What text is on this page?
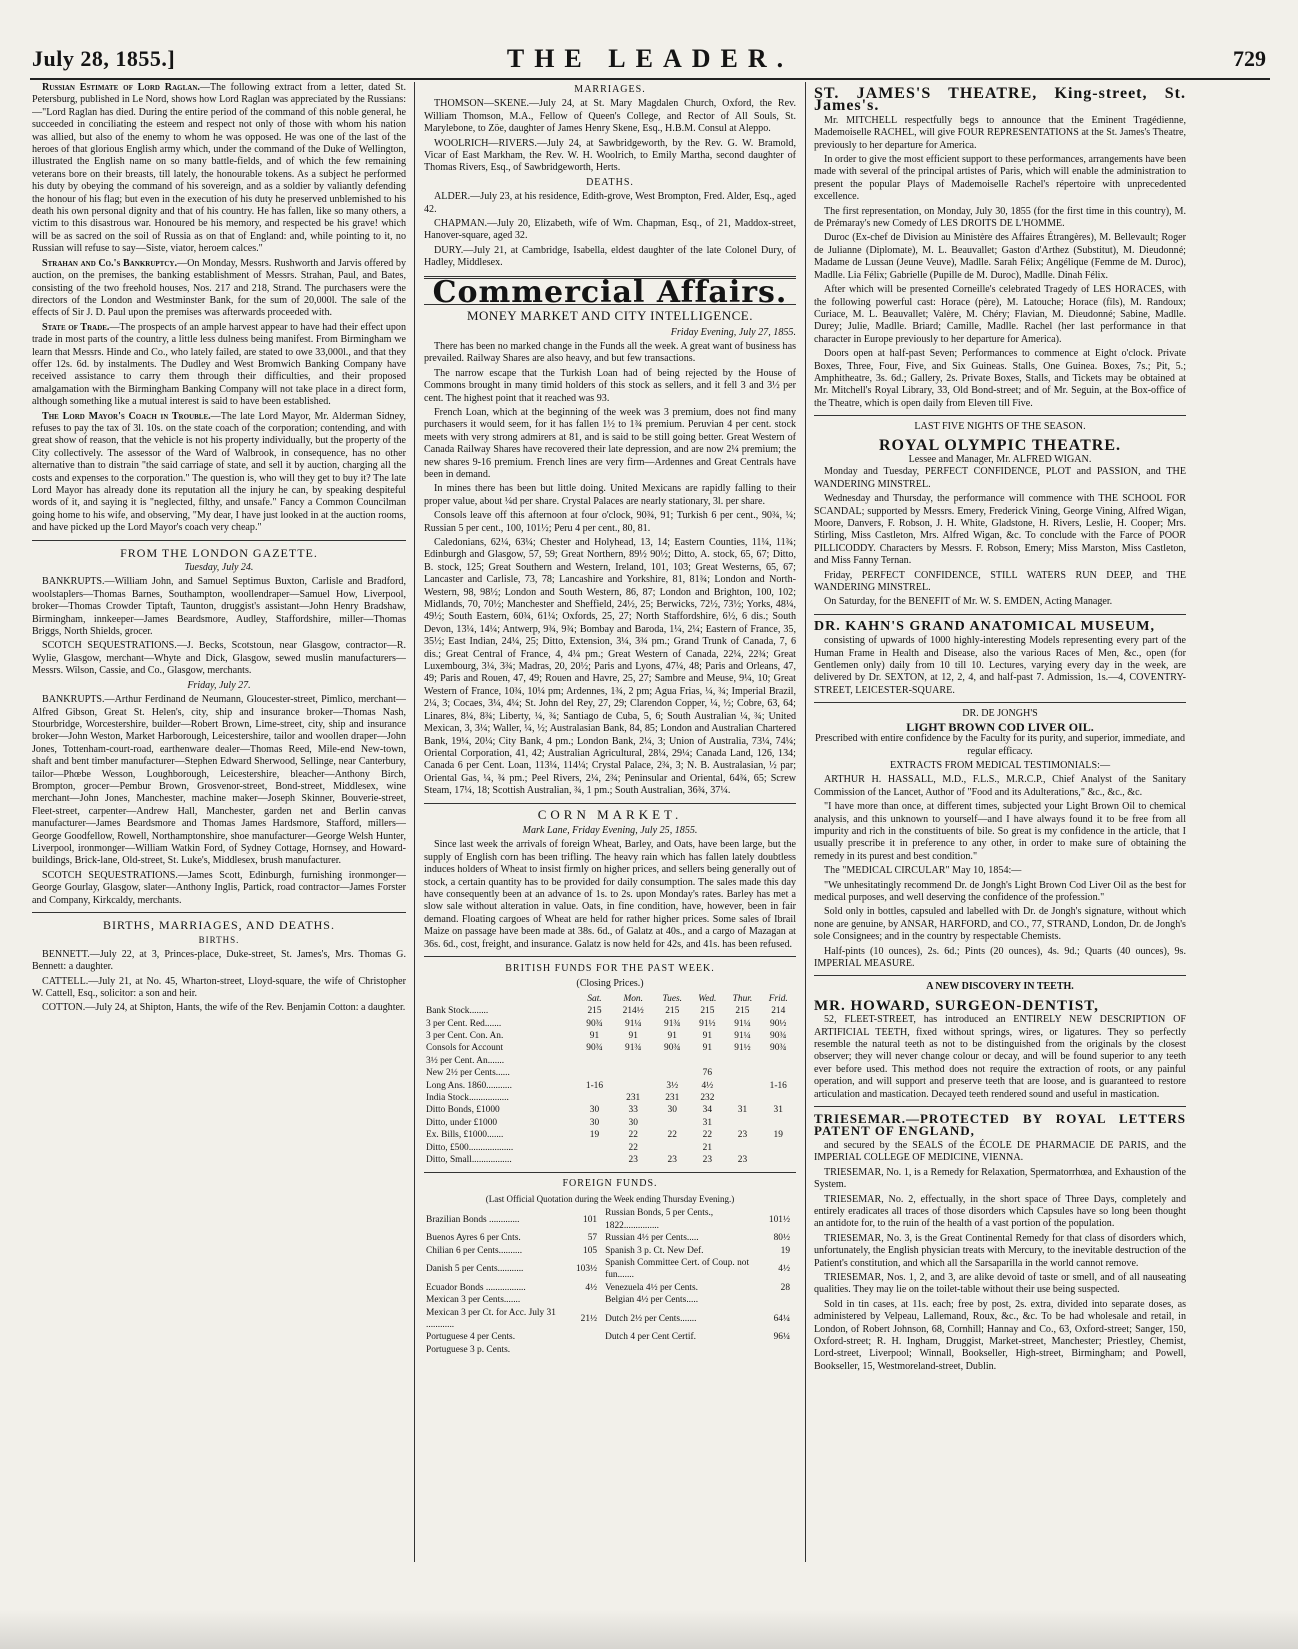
July 28, 1855.]	THE LEADER.	729

Russian Estimate of Lord Raglan.—The following extract from a letter, dated St. Petersburg, published in Le Nord, shows how Lord Raglan was appreciated by the Russians:—"Lord Raglan has died. During the entire period of the command of this noble general, he succeeded in conciliating the esteem and respect not only of those with whom his nation was allied, but also of the enemy to whom he was opposed. He was one of the last of the heroes of that glorious English army which, under the command of the Duke of Wellington, illustrated the English name on so many battle-fields, and of which the few remaining veterans bore on their breasts, till lately, the honourable tokens. As a subject he performed his duty by obeying the command of his sovereign, and as a soldier by valiantly defending the honour of his flag; but even in the execution of his duty he preserved unblemished to his death his own personal dignity and that of his country. He has fallen, like so many others, a victim to this disastrous war. Honoured be his memory, and respected be his grave! which will be as sacred on the soil of Russia as on that of England: and, while pointing to it, no Russian will refuse to say—Siste, viator, heroem calces."

Strahan and Co.'s Bankruptcy.—On Monday, Messrs. Rushworth and Jarvis offered by auction, on the premises, the banking establishment of Messrs. Strahan, Paul, and Bates, consisting of the two freehold houses, Nos. 217 and 218, Strand. The purchasers were the directors of the London and Westminster Bank, for the sum of 20,000l. The sale of the effects of Sir J. D. Paul upon the premises was afterwards proceeded with.

State of Trade.—The prospects of an ample harvest appear to have had their effect upon trade in most parts of the country, a little less dulness being manifest. From Birmingham we learn that Messrs. Hinde and Co., who lately failed, are stated to owe 33,000l., and that they offer 12s. 6d. by instalments. The Dudley and West Bromwich Banking Company have received assistance to carry them through their difficulties, and their proposed amalgamation with the Birmingham Banking Company will not take place in a direct form, although something like a mutual interest is said to have been established.

The Lord Mayor's Coach in Trouble.—The late Lord Mayor, Mr. Alderman Sidney, refuses to pay the tax of 3l. 10s. on the state coach of the corporation; contending, and with great show of reason, that the vehicle is not his property individually, but the property of the City collectively. The assessor of the Ward of Walbrook, in consequence, has no other alternative than to distrain "the said carriage of state, and sell it by auction, charging all the costs and expenses to the corporation." The question is, who will they get to buy it? The late Lord Mayor has already done its reputation all the injury he can, by speaking despiteful words of it, and saying it is "neglected, filthy, and unsafe." Fancy a Common Councilman going home to his wife, and observing, "My dear, I have just looked in at the auction rooms, and have picked up the Lord Mayor's coach very cheap."

FROM THE LONDON GAZETTE.
Tuesday, July 24.

BANKRUPTS.—William John, and Samuel Septimus Buxton, Carlisle and Bradford, woolstaplers—Thomas Barnes, Southampton, woollendraper—Samuel How, Liverpool, broker—Thomas Crowder Tiptaft, Taunton, druggist's assistant—John Henry Bradshaw, Birmingham, innkeeper—James Beardsmore, Audley, Staffordshire, miller—Thomas Briggs, North Shields, grocer.

SCOTCH SEQUESTRATIONS.—J. Becks, Scotstoun, near Glasgow, contractor—R. Wylie, Glasgow, merchant—Whyte and Dick, Glasgow, sewed muslin manufacturers—Messrs. Wilson, Cassie, and Co., Glasgow, merchants.

Friday, July 27.

BANKRUPTS.—Arthur Ferdinand de Neumann, Gloucester-street, Pimlico, merchant—Alfred Gibson, Great St. Helen's, city, ship and insurance broker—Thomas Nash, Stourbridge, Worcestershire, builder—Robert Brown, Lime-street, city, ship and insurance broker—John Weston, Market Harborough, Leicestershire, tailor and woollen draper—John Jones, Tottenham-court-road, earthenware dealer—Thomas Reed, Mile-end New-town, shaft and bent timber manufacturer—Stephen Edward Sherwood, Sellinge, near Canterbury, tailor—Phœbe Wesson, Loughborough, Leicestershire, bleacher—Anthony Birch, Brompton, grocer—Pembur Brown, Grosvenor-street, Bond-street, Middlesex, wine merchant—John Jones, Manchester, machine maker—Joseph Skinner, Bouverie-street, Fleet-street, carpenter—Andrew Hall, Manchester, garden net and Berlin canvas manufacturer—James Beardsmore and Thomas James Hardsmore, Stafford, millers—George Goodfellow, Rowell, Northamptonshire, shoe manufacturer—George Welsh Hunter, Liverpool, ironmonger—William Watkin Ford, of Sydney Cottage, Hornsey, and Howard-buildings, Brick-lane, Old-street, St. Luke's, Middlesex, brush manufacturer.

SCOTCH SEQUESTRATIONS.—James Scott, Edinburgh, furnishing ironmonger—George Gourlay, Glasgow, slater—Anthony Inglis, Partick, road contractor—James Forster and Company, Kirkcaldy, merchants.

BIRTHS, MARRIAGES, AND DEATHS.
BIRTHS.

BENNETT.—July 22, at 3, Princes-place, Duke-street, St. James's, Mrs. Thomas G. Bennett: a daughter.

CATTELL.—July 21, at No. 45, Wharton-street, Lloyd-square, the wife of Christopher W. Cattell, Esq., solicitor: a son and heir.

COTTON.—July 24, at Shipton, Hants, the wife of the Rev. Benjamin Cotton: a daughter.

MARRIAGES.

THOMSON—SKENE.—July 24, at St. Mary Magdalen Church, Oxford, the Rev. William Thomson, M.A., Fellow of Queen's College, and Rector of All Souls, St. Marylebone, to Zöe, daughter of James Henry Skene, Esq., H.B.M. Consul at Aleppo.

WOOLRICH—RIVERS.—July 24, at Sawbridgeworth, by the Rev. G. W. Bramold, Vicar of East Markham, the Rev. W. H. Woolrich, to Emily Martha, second daughter of Thomas Rivers, Esq., of Sawbridgeworth, Herts.

DEATHS.

ALDER.—July 23, at his residence, Edith-grove, West Brompton, Fred. Alder, Esq., aged 42.

CHAPMAN.—July 20, Elizabeth, wife of Wm. Chapman, Esq., of 21, Maddox-street, Hanover-square, aged 32.

DURY.—July 21, at Cambridge, Isabella, eldest daughter of the late Colonel Dury, of Hadley, Middlesex.

Commercial Affairs.
MONEY MARKET AND CITY INTELLIGENCE.
Friday Evening, July 27, 1855.

There has been no marked change in the Funds all the week. A great want of business has prevailed. Railway Shares are also heavy, and but few transactions.

The narrow escape that the Turkish Loan had of being rejected by the House of Commons brought in many timid holders of this stock as sellers, and it fell 3 and 3½ per cent. The highest point that it reached was 93.

French Loan, which at the beginning of the week was 3 premium, does not find many purchasers it would seem, for it has fallen 1½ to 1¾ premium. Peruvian 4 per cent. stock meets with very strong admirers at 81, and is said to be still going better. Great Western of Canada Railway Shares have recovered their late depression, and are now 2¼ premium; the new shares 9-16 premium. French lines are very firm—Ardennes and Great Centrals have been in demand.

In mines there has been but little doing. United Mexicans are rapidly falling to their proper value, about ¼d per share. Crystal Palaces are nearly stationary, 3l. per share.

Consols leave off this afternoon at four o'clock, 90¾, 91; Turkish 6 per cent., 90¾, ¼; Russian 5 per cent., 100, 101½; Peru 4 per cent., 80, 81.

Caledonians, 62¼, 63¼; Chester and Holyhead, 13, 14; Eastern Counties, 11¼, 11¾; Edinburgh and Glasgow, 57, 59; Great Northern, 89½ 90½; Ditto, A. stock, 65, 67; Ditto, B. stock, 125; Great Southern and Western, Ireland, 101, 103; Great Westerns, 65, 67; Lancaster and Carlisle, 73, 78; Lancashire and Yorkshire, 81, 81¾; London and North-Western, 98, 98½; London and South Western, 86, 87; London and Brighton, 100, 102; Midlands, 70, 70½; Manchester and Sheffield, 24½, 25; Berwicks, 72½, 73½; Yorks, 48¼, 49½; South Eastern, 60¾, 61¼; Oxfords, 25, 27; North Staffordshire, 6½, 6 dis.; South Devon, 13¼, 14¼; Antwerp, 9¾, 9¾; Bombay and Baroda, 1¼, 2¼; Eastern of France, 35, 35½; East Indian, 24¼, 25; Ditto, Extension, 3¼, 3¾ pm.; Grand Trunk of Canada, 7, 6 dis.; Great Central of France, 4, 4¼ pm.; Great Western of Canada, 22¼, 22¾; Great Luxembourg, 3¼, 3¾; Madras, 20, 20½; Paris and Lyons, 47¼, 48; Paris and Orleans, 47, 49; Paris and Rouen, 47, 49; Rouen and Havre, 25, 27; Sambre and Meuse, 9¼, 10; Great Western of France, 10¾, 10¼ pm; Ardennes, 1¾, 2 pm; Agua Frias, ¼, ¾; Imperial Brazil, 2¼, 3; Cocaes, 3¼, 4¼; St. John del Rey, 27, 29; Clarendon Copper, ¼, ½; Cobre, 63, 64; Linares, 8¼, 8¾; Liberty, ¼, ¾; Santiago de Cuba, 5, 6; South Australian ¼, ¾; United Mexican, 3, 3¼; Waller, ¼, ½; Australasian Bank, 84, 85; London and Australian Chartered Bank, 19¼, 20¼; City Bank, 4 pm.; London Bank, 2¼, 3; Union of Australia, 73¼, 74¼; Oriental Corporation, 41, 42; Australian Agricultural, 28¼, 29¼; Canada Land, 126, 134; Canada 6 per Cent. Loan, 113¼, 114¼; Crystal Palace, 2¾, 3; N. B. Australasian, ½ par; Oriental Gas, ¼, ¾ pm.; Peel Rivers, 2¼, 2¾; Peninsular and Oriental, 64¾, 65; Screw Steam, 17¼, 18; Scottish Australian, ¾, 1 pm.; South Australian, 36¾, 37¼.

CORN MARKET.
Mark Lane, Friday Evening, July 25, 1855.

Since last week the arrivals of foreign Wheat, Barley, and Oats, have been large, but the supply of English corn has been trifling. The heavy rain which has fallen lately doubtless induces holders of Wheat to insist firmly on higher prices, and sellers being generally out of stock, a certain quantity has to be provided for daily consumption. The sales made this day have consequently been at an advance of 1s. to 2s. upon Monday's rates. Barley has met a slow sale without alteration in value. Oats, in fine condition, have, however, been in fair demand. Floating cargoes of Wheat are held for rather higher prices. Some sales of Ibrail Maize on passage have been made at 38s. 6d., of Galatz at 40s., and a cargo of Mazagan at 36s. 6d., cost, freight, and insurance. Galatz is now held for 42s, and 41s. has been refused.

BRITISH FUNDS FOR THE PAST WEEK.
(Closing Prices.)
	Sat.	Mon.	Tues.	Wed.	Thur.	Frid.
Bank Stock........	215	214½	215	215	215	214
3 per Cent. Red.......	90¾	91¼	91¾	91½	91¼	90½
3 per Cent. Con. An.	91	91	91	91	91¼	90¾
Consols for Account	90¾	91¾	90¾	91	91½	90¾
3½ per Cent. An.......						
New 2½ per Cents......				76		
Long Ans. 1860...........	1-16		3½	4½		1-16
India Stock.................		231	231	232		
Ditto Bonds, £1000	30	33	30	34	31	31
Ditto, under £1000	30	30		31		
Ex. Bills, £1000.......	19	22	22	22	23	19
Ditto, £500...................		22		21		
Ditto, Small.................		23	23	23	23	
FOREIGN FUNDS.
(Last Official Quotation during the Week ending Thursday Evening.)
Brazilian Bonds .............	101	Russian Bonds, 5 per Cents., 1822...............	101½
Buenos Ayres 6 per Cnts.	57	Russian 4½ per Cents.....	80½
Chilian 6 per Cents..........	105	Spanish 3 p. Ct. New Def.	19
Danish 5 per Cents...........	103½	Spanish Committee Cert. of Coup. not fun.......	4½
Ecuador Bonds .................	4½	Venezuela 4½ per Cents.	28
Mexican 3 per Cents.......		Belgian 4½ per Cents.....	
Mexican 3 per Ct. for Acc. July 31 ............	21½	Dutch 2½ per Cents.......	64¼
Portuguese 4 per Cents.		Dutch 4 per Cent Certif.	96¼
Portuguese 3 p. Cents.			
ST. JAMES'S THEATRE, King-street, St. James's.

Mr. MITCHELL respectfully begs to announce that the Eminent Tragédienne, Mademoiselle RACHEL, will give FOUR REPRESENTATIONS at the St. James's Theatre, previously to her departure for America.

In order to give the most efficient support to these performances, arrangements have been made with several of the principal artistes of Paris, which will enable the administration to present the popular Plays of Mademoiselle Rachel's répertoire with unprecedented excellence.

The first representation, on Monday, July 30, 1855 (for the first time in this country), M. de Prémaray's new Comedy of LES DROITS DE L'HOMME.

Duroc (Ex-chef de Division au Ministère des Affaires Étrangères), M. Bellevault; Roger de Julianne (Diplomate), M. L. Beauvallet; Gaston d'Arthez (Substitut), M. Dieudonné; Madame de Lussan (Jeune Veuve), Madlle. Sarah Félix; Angélique (Femme de M. Duroc), Madlle. Lia Félix; Gabrielle (Pupille de M. Duroc), Madlle. Dinah Félix.

After which will be presented Corneille's celebrated Tragedy of LES HORACES, with the following powerful cast: Horace (père), M. Latouche; Horace (fils), M. Randoux; Curiace, M. L. Beauvallet; Valère, M. Chéry; Flavian, M. Dieudonné; Sabine, Madlle. Durey; Julie, Madlle. Briard; Camille, Madlle. Rachel (her last performance in that character in Europe previously to her departure for America).

Doors open at half-past Seven; Performances to commence at Eight o'clock. Private Boxes, Three, Four, Five, and Six Guineas. Stalls, One Guinea. Boxes, 7s.; Pit, 5.; Amphitheatre, 3s. 6d.; Gallery, 2s. Private Boxes, Stalls, and Tickets may be obtained at Mr. Mitchell's Royal Library, 33, Old Bond-street; and of Mr. Seguin, at the Box-office of the Theatre, which is open daily from Eleven till Five.

LAST FIVE NIGHTS OF THE SEASON.
ROYAL OLYMPIC THEATRE.
Lessee and Manager, Mr. ALFRED WIGAN.

Monday and Tuesday, PERFECT CONFIDENCE, PLOT and PASSION, and THE WANDERING MINSTREL.

Wednesday and Thursday, the performance will commence with THE SCHOOL FOR SCANDAL; supported by Messrs. Emery, Frederick Vining, George Vining, Alfred Wigan, Moore, Danvers, F. Robson, J. H. White, Gladstone, H. Rivers, Leslie, H. Cooper; Mrs. Stirling, Miss Castleton, Mrs. Alfred Wigan, &c. To conclude with the Farce of POOR PILLICODDY. Characters by Messrs. F. Robson, Emery; Miss Marston, Miss Castleton, and Miss Fanny Ternan.

Friday, PERFECT CONFIDENCE, STILL WATERS RUN DEEP, and THE WANDERING MINSTREL.

On Saturday, for the BENEFIT of Mr. W. S. EMDEN, Acting Manager.

DR. KAHN'S GRAND ANATOMICAL MUSEUM,

consisting of upwards of 1000 highly-interesting Models representing every part of the Human Frame in Health and Disease, also the various Races of Men, &c., open (for Gentlemen only) daily from 10 till 10. Lectures, varying every day in the week, are delivered by Dr. SEXTON, at 12, 2, 4, and half-past 7. Admission, 1s.—4, COVENTRY-STREET, LEICESTER-SQUARE.

DR. DE JONGH'S
LIGHT BROWN COD LIVER OIL.

Prescribed with entire confidence by the Faculty for its purity, and superior, immediate, and regular efficacy.

EXTRACTS FROM MEDICAL TESTIMONIALS:—

ARTHUR H. HASSALL, M.D., F.L.S., M.R.C.P., Chief Analyst of the Sanitary Commission of the Lancet, Author of "Food and its Adulterations," &c., &c., &c.

"I have more than once, at different times, subjected your Light Brown Oil to chemical analysis, and this unknown to yourself—and I have always found it to be free from all impurity and rich in the constituents of bile. So great is my confidence in the article, that I usually prescribe it in preference to any other, in order to make sure of obtaining the remedy in its purest and best condition."

The "MEDICAL CIRCULAR" May 10, 1854:—

"We unhesitatingly recommend Dr. de Jongh's Light Brown Cod Liver Oil as the best for medical purposes, and well deserving the confidence of the profession."

Sold only in bottles, capsuled and labelled with Dr. de Jongh's signature, without which none are genuine, by ANSAR, HARFORD, and CO., 77, STRAND, London, Dr. de Jongh's sole Consignees; and in the country by respectable Chemists.

Half-pints (10 ounces), 2s. 6d.; Pints (20 ounces), 4s. 9d.; Quarts (40 ounces), 9s. IMPERIAL MEASURE.

A NEW DISCOVERY IN TEETH.
MR. HOWARD, SURGEON-DENTIST,

52, FLEET-STREET, has introduced an ENTIRELY NEW DESCRIPTION OF ARTIFICIAL TEETH, fixed without springs, wires, or ligatures. They so perfectly resemble the natural teeth as not to be distinguished from the originals by the closest observer; they will never change colour or decay, and will be found superior to any teeth ever before used. This method does not require the extraction of roots, or any painful operation, and will support and preserve teeth that are loose, and is guaranteed to restore articulation and mastication. Decayed teeth rendered sound and useful in mastication.

TRIESEMAR.—PROTECTED BY ROYAL LETTERS PATENT OF ENGLAND,

and secured by the SEALS of the ÉCOLE DE PHARMACIE DE PARIS, and the IMPERIAL COLLEGE OF MEDICINE, VIENNA.

TRIESEMAR, No. 1, is a Remedy for Relaxation, Spermatorrhœa, and Exhaustion of the System.

TRIESEMAR, No. 2, effectually, in the short space of Three Days, completely and entirely eradicates all traces of those disorders which Capsules have so long been thought an antidote for, to the ruin of the health of a vast portion of the population.

TRIESEMAR, No. 3, is the Great Continental Remedy for that class of disorders which, unfortunately, the English physician treats with Mercury, to the inevitable destruction of the Patient's constitution, and which all the Sarsaparilla in the world cannot remove.

TRIESEMAR, Nos. 1, 2, and 3, are alike devoid of taste or smell, and of all nauseating qualities. They may lie on the toilet-table without their use being suspected.

Sold in tin cases, at 11s. each; free by post, 2s. extra, divided into separate doses, as administered by Velpeau, Lallemand, Roux, &c., &c. To be had wholesale and retail, in London, of Robert Johnson, 68, Cornhill; Hannay and Co., 63, Oxford-street; Sanger, 150, Oxford-street; R. H. Ingham, Druggist, Market-street, Manchester; Priestley, Chemist, Lord-street, Liverpool; Winnall, Bookseller, High-street, Birmingham; and Powell, Bookseller, 15, Westmoreland-street, Dublin.
